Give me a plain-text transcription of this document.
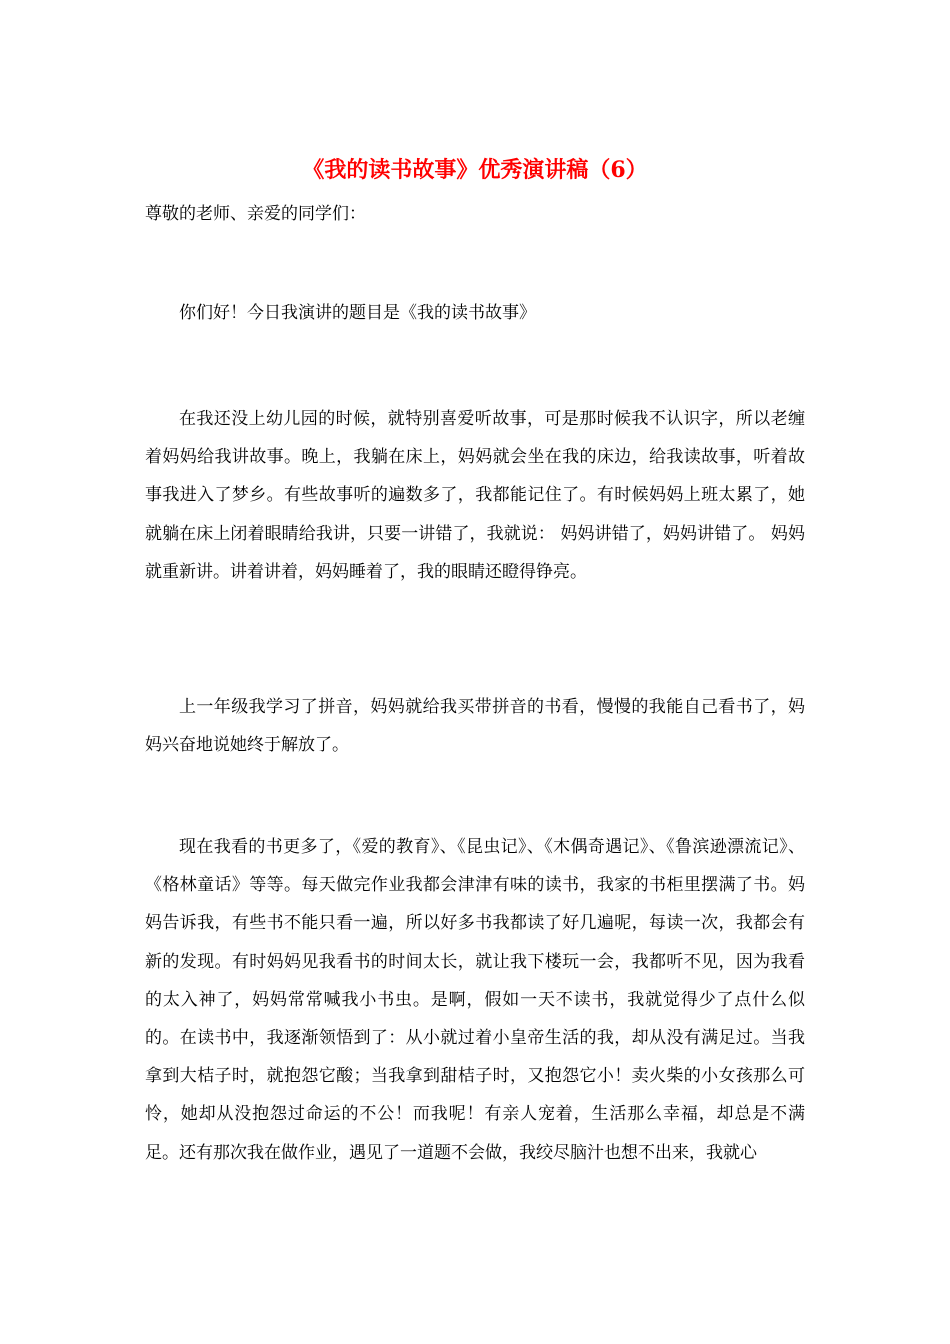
《我的读书故事》优秀演讲稿（6）
尊敬的老师、亲爱的同学们：
你们好！今日我演讲的题目是《我的读书故事》
在我还没上幼儿园的时候，就特别喜爱听故事，可是那时候我不认识字，所以老缠着妈妈给我讲故事。晚上，我躺在床上，妈妈就会坐在我的床边，给我读故事，听着故事我进入了梦乡。有些故事听的遍数多了，我都能记住了。有时候妈妈上班太累了，她就躺在床上闭着眼睛给我讲，只要一讲错了，我就说： 妈妈讲错了，妈妈讲错了。 妈妈就重新讲。讲着讲着，妈妈睡着了，我的眼睛还瞪得铮亮。
上一年级我学习了拼音，妈妈就给我买带拼音的书看，慢慢的我能自己看书了，妈妈兴奋地说她终于解放了。
现在我看的书更多了，《爱的教育》、《昆虫记》、《木偶奇遇记》、《鲁滨逊漂流记》、《格林童话》等等。每天做完作业我都会津津有味的读书，我家的书柜里摆满了书。妈妈告诉我，有些书不能只看一遍，所以好多书我都读了好几遍呢，每读一次，我都会有新的发现。有时妈妈见我看书的时间太长，就让我下楼玩一会，我都听不见，因为我看的太入神了，妈妈常常喊我小书虫。是啊，假如一天不读书，我就觉得少了点什么似的。在读书中，我逐渐领悟到了：从小就过着小皇帝生活的我，却从没有满足过。当我拿到大桔子时，就抱怨它酸；当我拿到甜桔子时，又抱怨它小！卖火柴的小女孩那么可怜，她却从没抱怨过命运的不公！而我呢！有亲人宠着，生活那么幸福，却总是不满足。还有那次我在做作业，遇见了一道题不会做，我绞尽脑汁也想不出来，我就心
